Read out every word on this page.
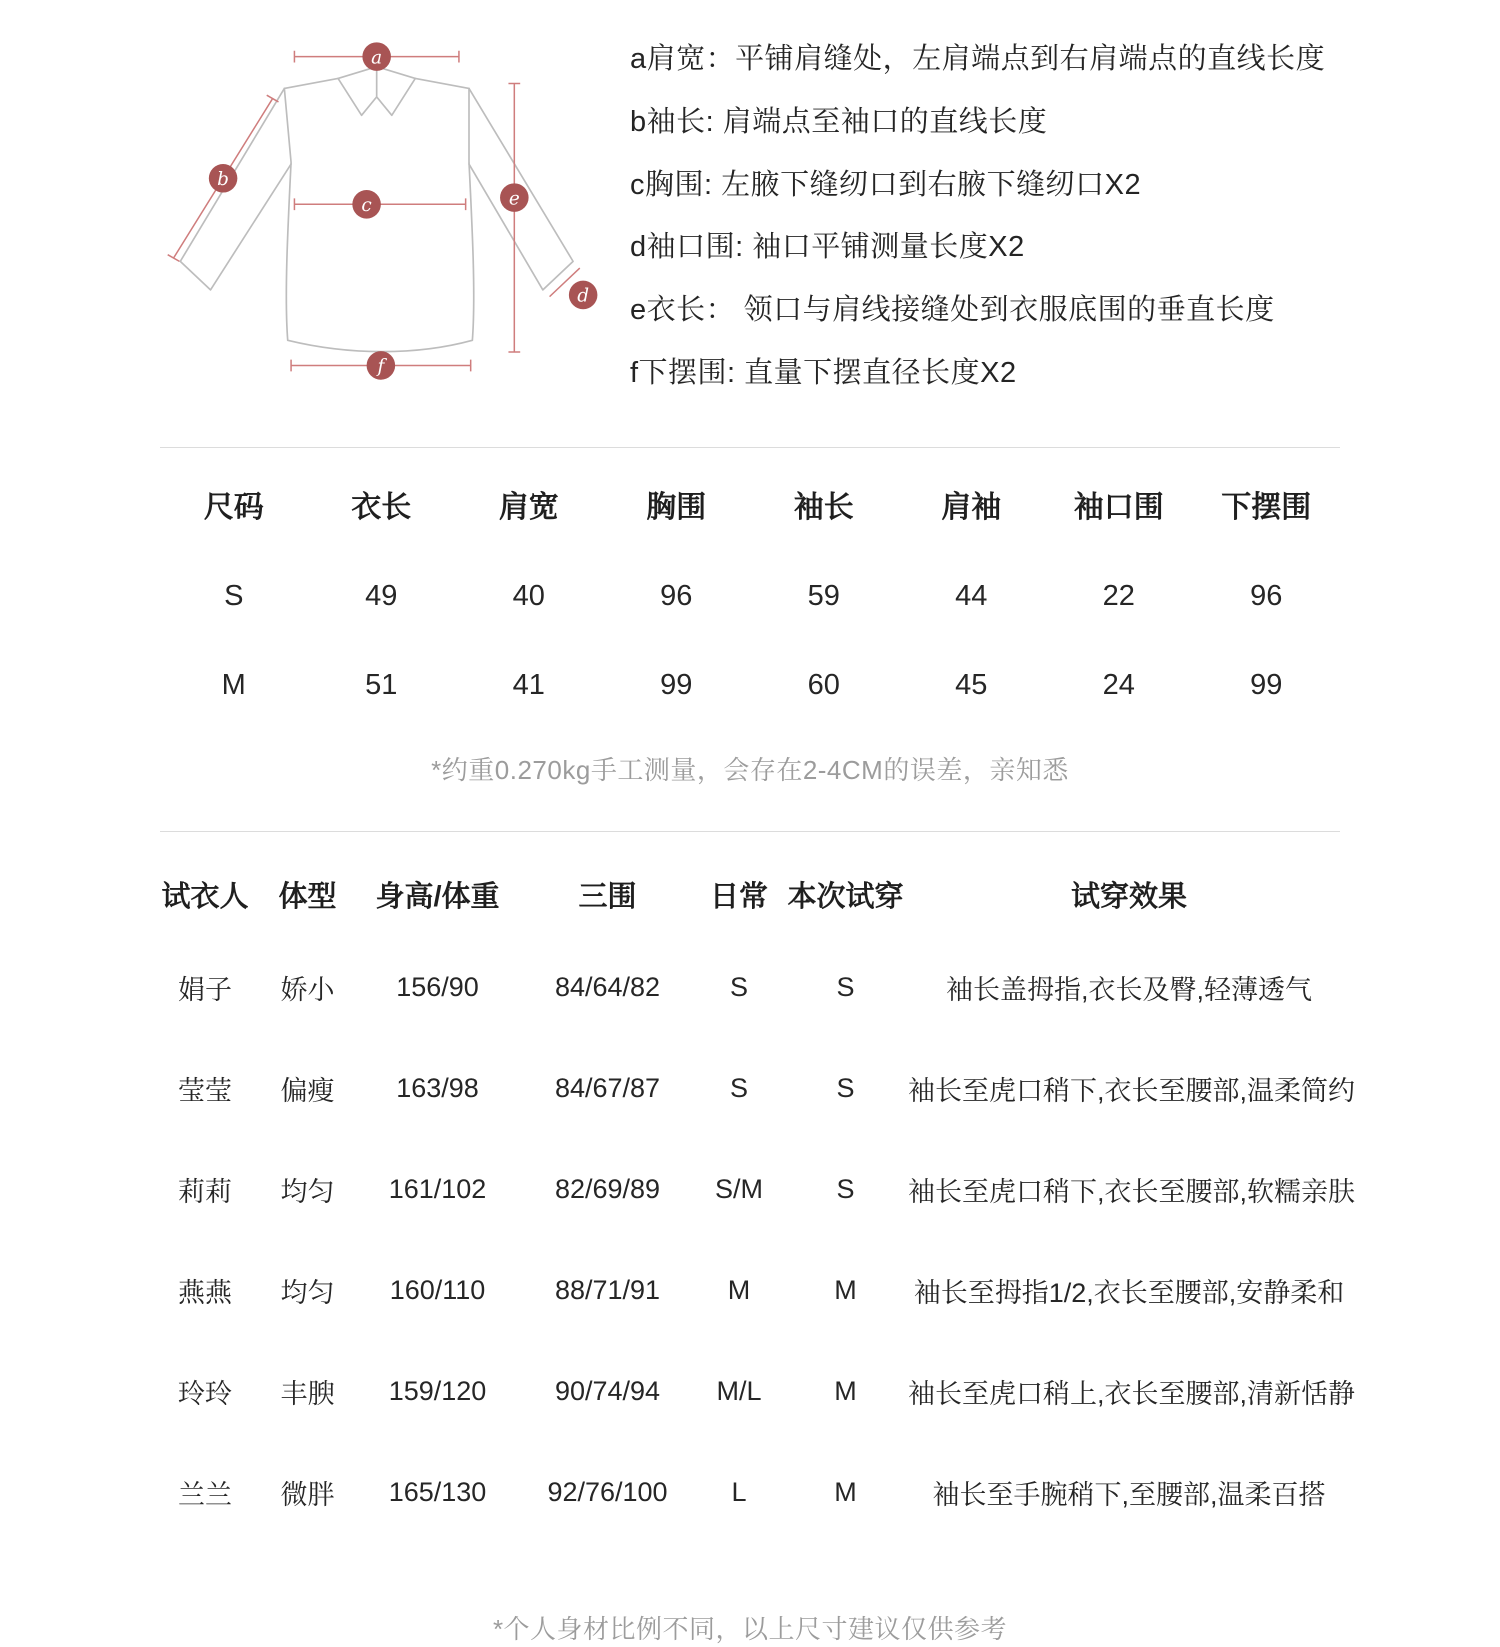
a
b
c
d
e
f
a肩宽：平铺肩缝处，左肩端点到右肩端点的直线长度
b袖长: 肩端点至袖口的直线长度
c胸围: 左腋下缝纫口到右腋下缝纫口X2
d袖口围: 袖口平铺测量长度X2
e衣长： 领口与肩线接缝处到衣服底围的垂直长度
f下摆围: 直量下摆直径长度X2
尺码	衣长	肩宽	胸围	袖长	肩袖	袖口围	下摆围
S	49	40	96	59	44	22	96
M	51	41	99	60	45	24	99

*约重0.270kg手工测量，会存在2-4CM的误差，亲知悉

试衣人	体型	身高/体重	三围	日常	本次试穿	试穿效果
娟子	娇小	156/90	84/64/82	S	S	袖长盖拇指,衣长及臀,轻薄透气
莹莹	偏瘦	163/98	84/67/87	S	S	袖长至虎口稍下,衣长至腰部,温柔简约
莉莉	均匀	161/102	82/69/89	S/M	S	袖长至虎口稍下,衣长至腰部,软糯亲肤
燕燕	均匀	160/110	88/71/91	M	M	袖长至拇指1/2,衣长至腰部,安静柔和
玲玲	丰腴	159/120	90/74/94	M/L	M	袖长至虎口稍上,衣长至腰部,清新恬静
兰兰	微胖	165/130	92/76/100	L	M	袖长至手腕稍下,至腰部,温柔百搭

*个人身材比例不同，以上尺寸建议仅供参考
